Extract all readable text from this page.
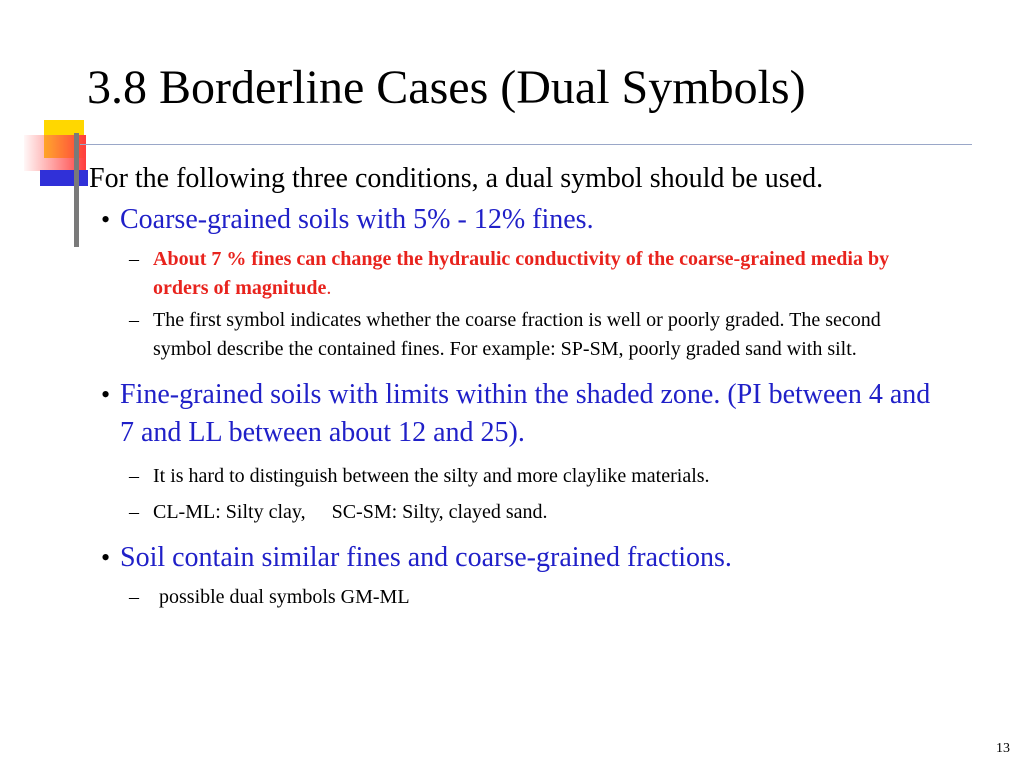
3.8 Borderline Cases (Dual Symbols)

For the following three conditions, a dual symbol should be used.

• Coarse-grained soils with 5% - 12% fines.
– About 7 % fines can change the hydraulic conductivity of the coarse-grained media by orders of magnitude.
– The first symbol indicates whether the coarse fraction is well or poorly graded. The second symbol describe the contained fines. For example: SP-SM, poorly graded sand with silt.
• Fine-grained soils with limits within the shaded zone. (PI between 4 and 7 and LL between about 12 and 25).
– It is hard to distinguish between the silty and more claylike materials.
– CL-ML: Silty clay, SC-SM: Silty, clayed sand.
• Soil contain similar fines and coarse-grained fractions.
– possible dual symbols GM-ML
13
